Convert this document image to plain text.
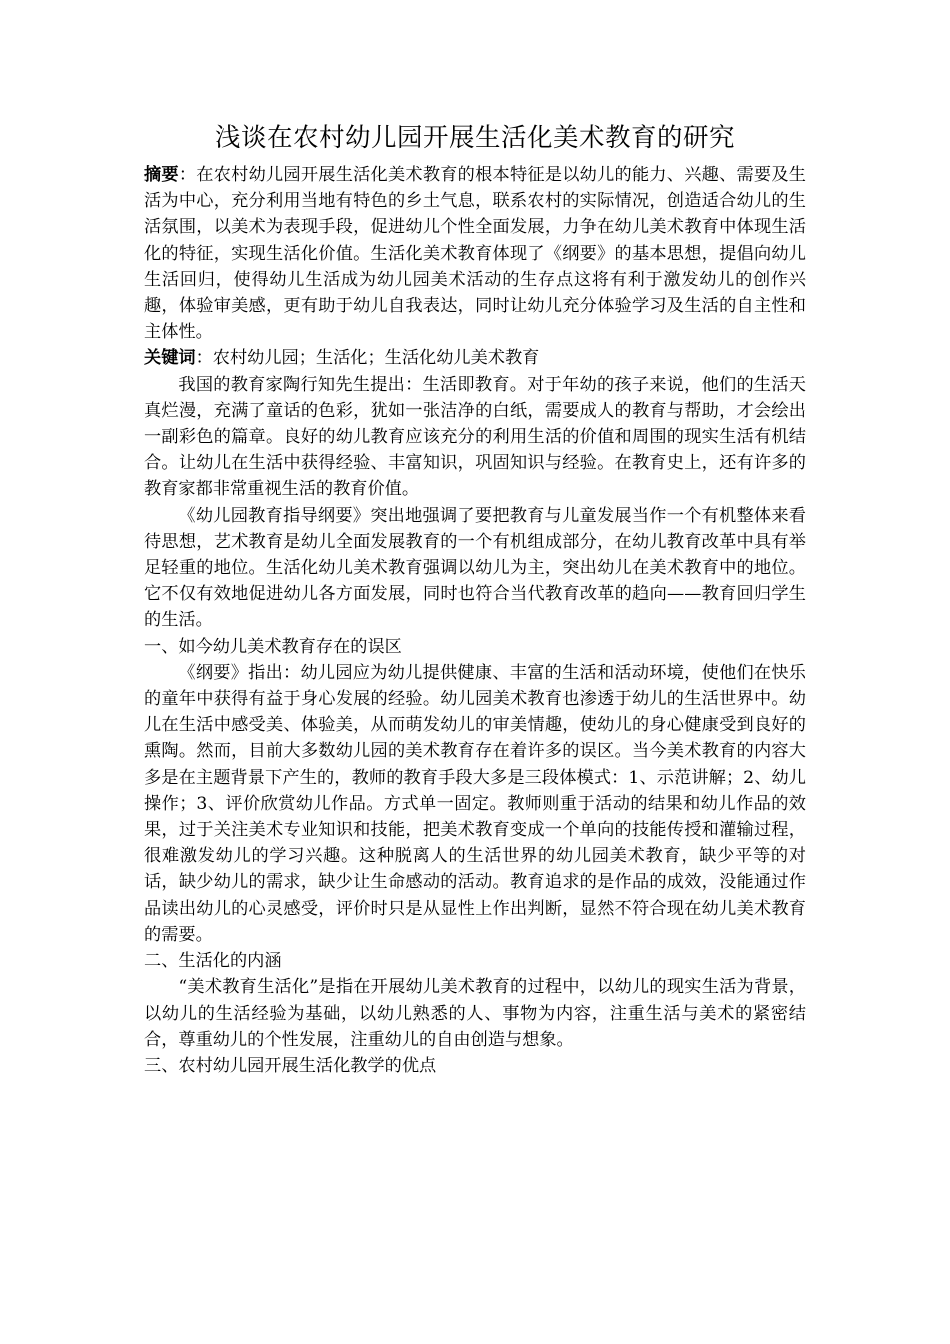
浅谈在农村幼儿园开展生活化美术教育的研究

摘要：在农村幼儿园开展生活化美术教育的根本特征是以幼儿的能力、兴趣、需要及生活为中心，充分利用当地有特色的乡土气息，联系农村的实际情况，创造适合幼儿的生活氛围，以美术为表现手段，促进幼儿个性全面发展，力争在幼儿美术教育中体现生活化的特征，实现生活化价值。生活化美术教育体现了《纲要》的基本思想，提倡向幼儿生活回归，使得幼儿生活成为幼儿园美术活动的生存点这将有利于激发幼儿的创作兴趣，体验审美感，更有助于幼儿自我表达，同时让幼儿充分体验学习及生活的自主性和主体性。

关键词：农村幼儿园；生活化；生活化幼儿美术教育

我国的教育家陶行知先生提出：生活即教育。对于年幼的孩子来说，他们的生活天真烂漫，充满了童话的色彩，犹如一张洁净的白纸，需要成人的教育与帮助，才会绘出一副彩色的篇章。良好的幼儿教育应该充分的利用生活的价值和周围的现实生活有机结合。让幼儿在生活中获得经验、丰富知识，巩固知识与经验。在教育史上，还有许多的教育家都非常重视生活的教育价值。

《幼儿园教育指导纲要》突出地强调了要把教育与儿童发展当作一个有机整体来看待思想，艺术教育是幼儿全面发展教育的一个有机组成部分，在幼儿教育改革中具有举足轻重的地位。生活化幼儿美术教育强调以幼儿为主，突出幼儿在美术教育中的地位。它不仅有效地促进幼儿各方面发展，同时也符合当代教育改革的趋向——教育回归学生的生活。

一、如今幼儿美术教育存在的误区

《纲要》指出：幼儿园应为幼儿提供健康、丰富的生活和活动环境，使他们在快乐的童年中获得有益于身心发展的经验。幼儿园美术教育也渗透于幼儿的生活世界中。幼儿在生活中感受美、体验美，从而萌发幼儿的审美情趣，使幼儿的身心健康受到良好的熏陶。然而，目前大多数幼儿园的美术教育存在着许多的误区。当今美术教育的内容大多是在主题背景下产生的，教师的教育手段大多是三段体模式：1、示范讲解；2、幼儿操作；3、评价欣赏幼儿作品。方式单一固定。教师则重于活动的结果和幼儿作品的效果，过于关注美术专业知识和技能，把美术教育变成一个单向的技能传授和灌输过程，很难激发幼儿的学习兴趣。这种脱离人的生活世界的幼儿园美术教育，缺少平等的对话，缺少幼儿的需求，缺少让生命感动的活动。教育追求的是作品的成效，没能通过作品读出幼儿的心灵感受，评价时只是从显性上作出判断，显然不符合现在幼儿美术教育的需要。

二、生活化的内涵

“美术教育生活化”是指在开展幼儿美术教育的过程中，以幼儿的现实生活为背景，以幼儿的生活经验为基础，以幼儿熟悉的人、事物为内容，注重生活与美术的紧密结合，尊重幼儿的个性发展，注重幼儿的自由创造与想象。

三、农村幼儿园开展生活化教学的优点
